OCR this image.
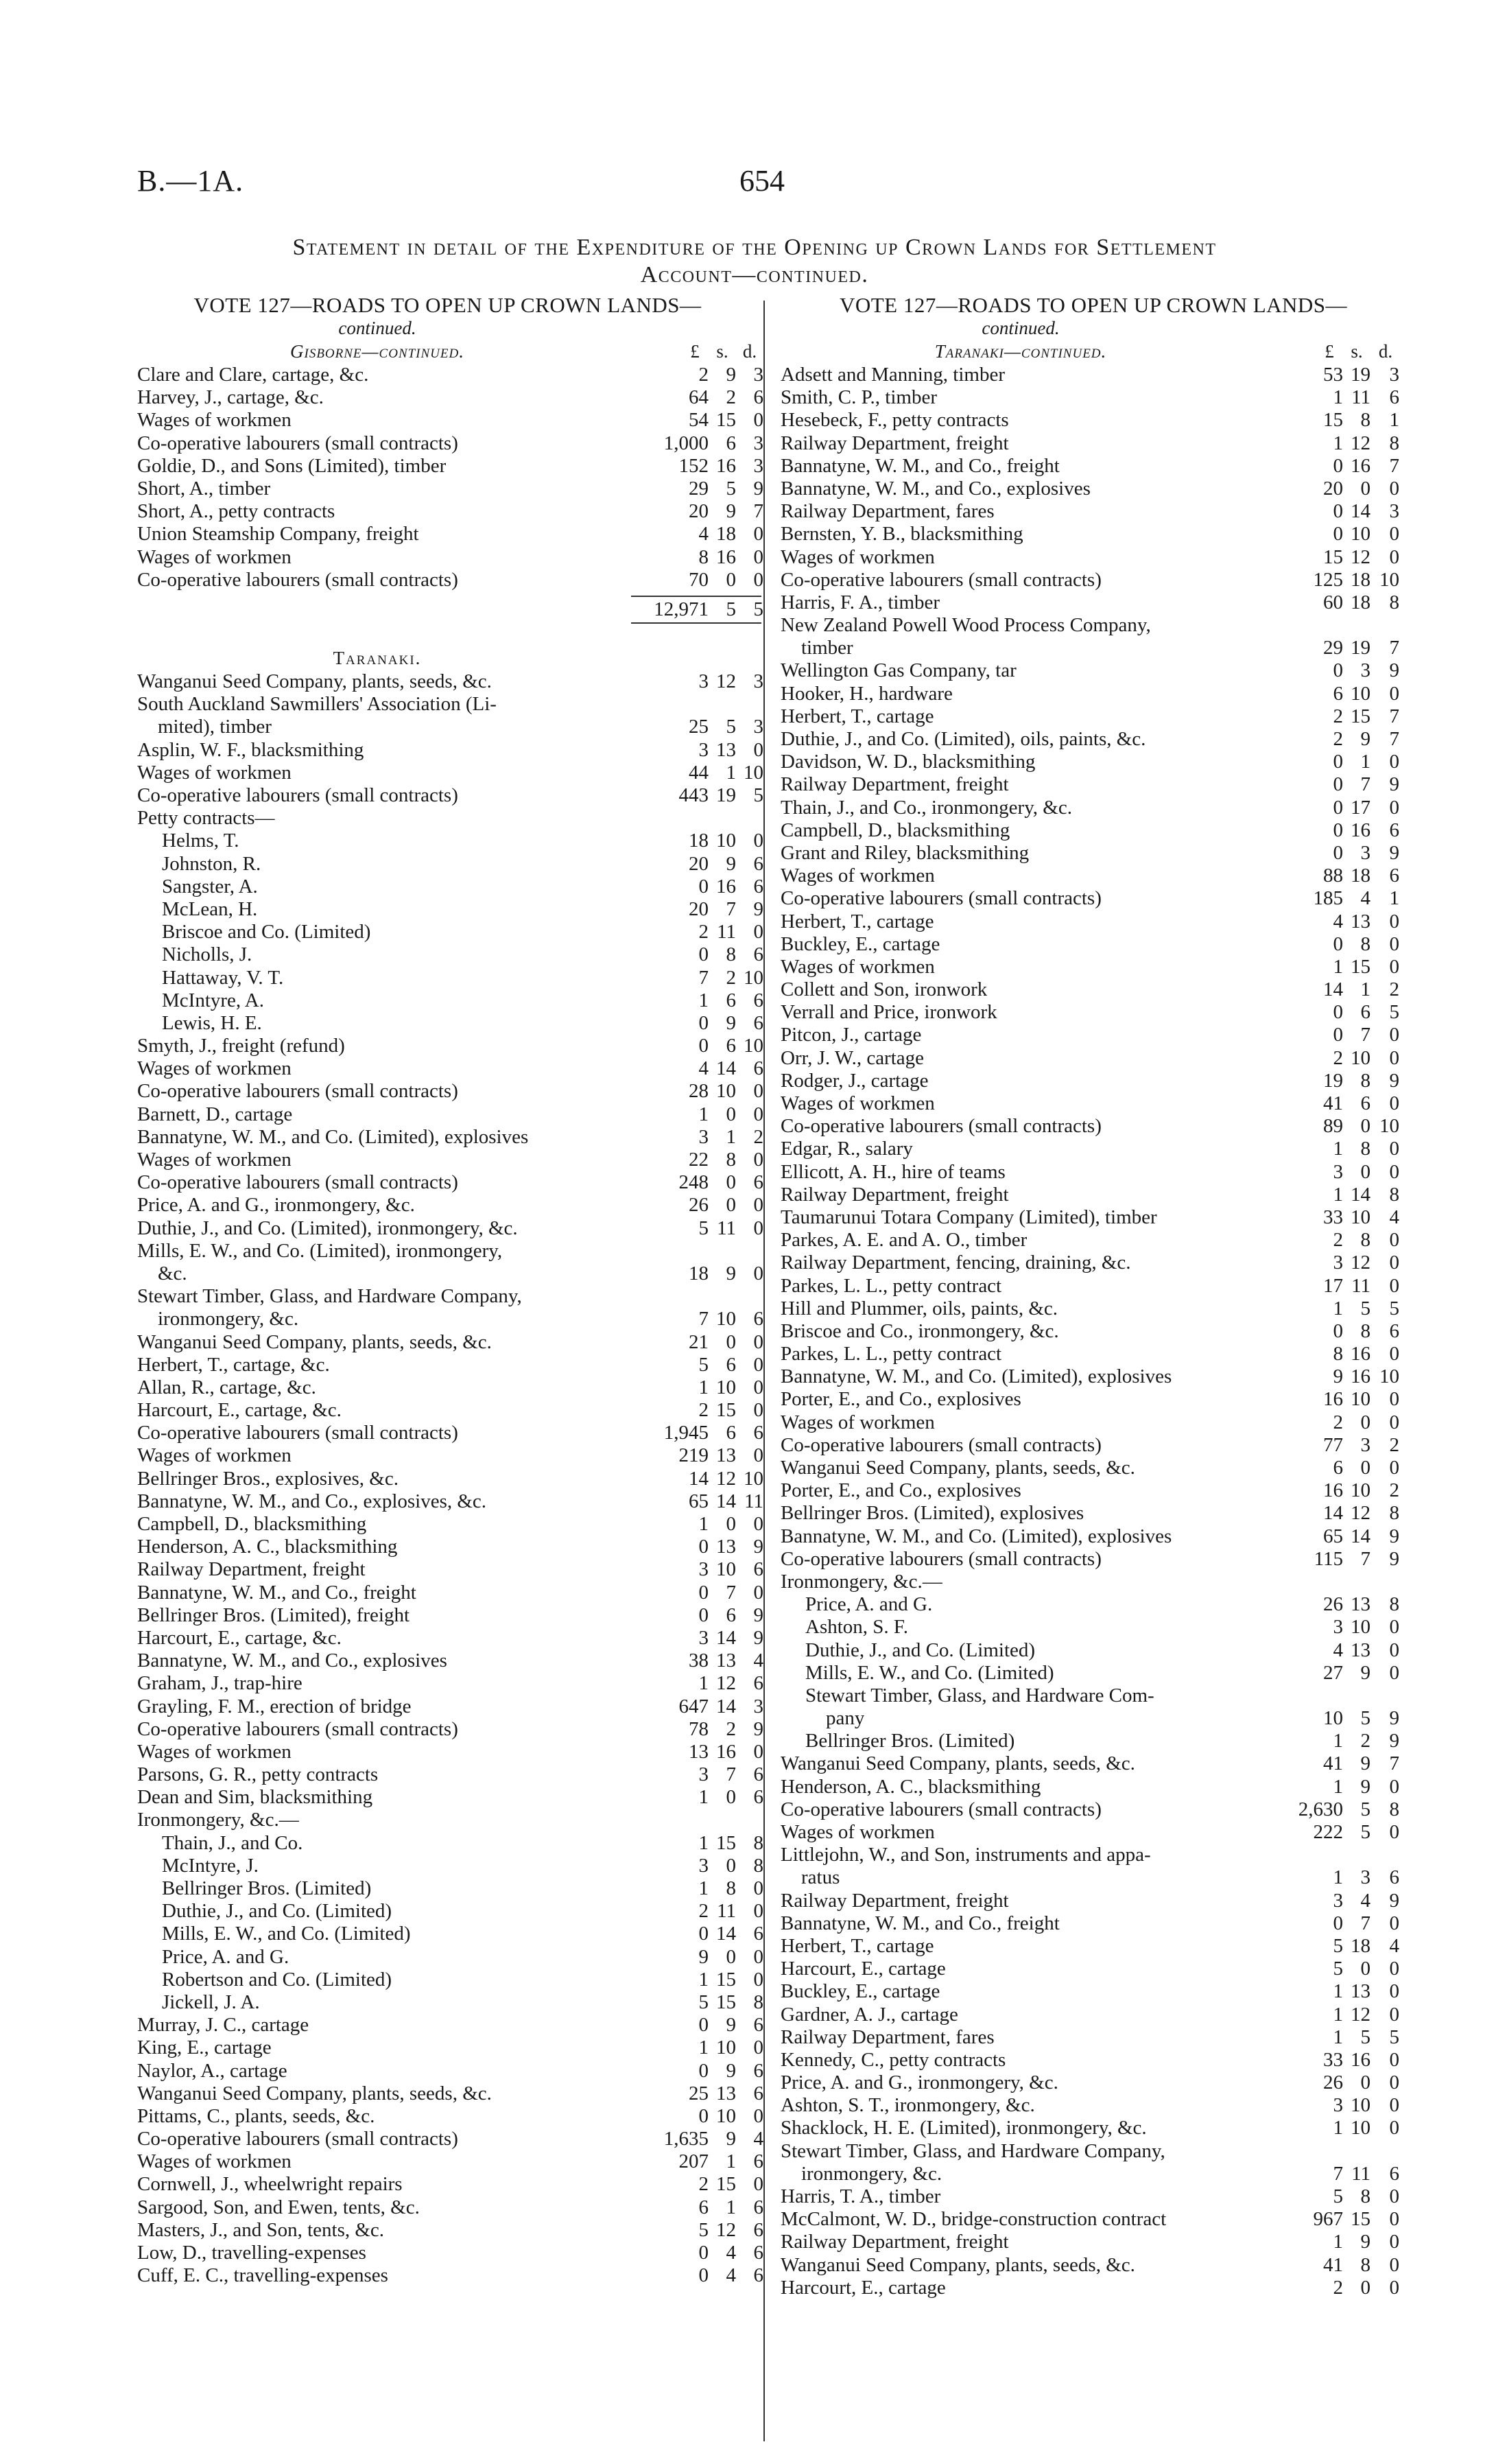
B.—1A.	654
Statement in detail of the Expenditure of the Opening up Crown Lands for Settlement
Account—continued.
VOTE 127—ROADS TO OPEN UP CROWN LANDS—
continued.
Gisborne—continued.	£ s. d.
Clare and Clare, cartage, &c.	2 9 3
Harvey, J., cartage, &c.	64 2 6
Wages of workmen	54 15 0
Co-operative labourers (small contracts)	1,000 6 3
Goldie, D., and Sons (Limited), timber	152 16 3
Short, A., timber	29 5 9
Short, A., petty contracts	20 9 7
Union Steamship Company, freight	4 18 0
Wages of workmen	8 16 0
Co-operative labourers (small contracts)	70 0 0
12,971 5 5
Taranaki.
Wanganui Seed Company, plants, seeds, &c.	3 12 3
South Auckland Sawmillers' Association (Li-
mited), timber	25 5 3
Asplin, W. F., blacksmithing	3 13 0
Wages of workmen	44 1 10
Co-operative labourers (small contracts)	443 19 5
Petty contracts—
Helms, T.	18 10 0
Johnston, R.	20 9 6
Sangster, A.	0 16 6
McLean, H.	20 7 9
Briscoe and Co. (Limited)	2 11 0
Nicholls, J.	0 8 6
Hattaway, V. T.	7 2 10
McIntyre, A.	1 6 6
Lewis, H. E.	0 9 6
Smyth, J., freight (refund)	0 6 10
Wages of workmen	4 14 6
Co-operative labourers (small contracts)	28 10 0
Barnett, D., cartage	1 0 0
Bannatyne, W. M., and Co. (Limited), explosives	3 1 2
Wages of workmen	22 8 0
Co-operative labourers (small contracts)	248 0 6
Price, A. and G., ironmongery, &c.	26 0 0
Duthie, J., and Co. (Limited), ironmongery, &c.	5 11 0
Mills, E. W., and Co. (Limited), ironmongery,
&c.	18 9 0
Stewart Timber, Glass, and Hardware Company,
ironmongery, &c.	7 10 6
Wanganui Seed Company, plants, seeds, &c.	21 0 0
Herbert, T., cartage, &c.	5 6 0
Allan, R., cartage, &c.	1 10 0
Harcourt, E., cartage, &c.	2 15 0
Co-operative labourers (small contracts)	1,945 6 6
Wages of workmen	219 13 0
Bellringer Bros., explosives, &c.	14 12 10
Bannatyne, W. M., and Co., explosives, &c.	65 14 11
Campbell, D., blacksmithing	1 0 0
Henderson, A. C., blacksmithing	0 13 9
Railway Department, freight	3 10 6
Bannatyne, W. M., and Co., freight	0 7 0
Bellringer Bros. (Limited), freight	0 6 9
Harcourt, E., cartage, &c.	3 14 9
Bannatyne, W. M., and Co., explosives	38 13 4
Graham, J., trap-hire	1 12 6
Grayling, F. M., erection of bridge	647 14 3
Co-operative labourers (small contracts)	78 2 9
Wages of workmen	13 16 0
Parsons, G. R., petty contracts	3 7 6
Dean and Sim, blacksmithing	1 0 6
Ironmongery, &c.—
Thain, J., and Co.	1 15 8
McIntyre, J.	3 0 8
Bellringer Bros. (Limited)	1 8 0
Duthie, J., and Co. (Limited)	2 11 0
Mills, E. W., and Co. (Limited)	0 14 6
Price, A. and G.	9 0 0
Robertson and Co. (Limited)	1 15 0
Jickell, J. A.	5 15 8
Murray, J. C., cartage	0 9 6
King, E., cartage	1 10 0
Naylor, A., cartage	0 9 6
Wanganui Seed Company, plants, seeds, &c.	25 13 6
Pittams, C., plants, seeds, &c.	0 10 0
Co-operative labourers (small contracts)	1,635 9 4
Wages of workmen	207 1 6
Cornwell, J., wheelwright repairs	2 15 0
Sargood, Son, and Ewen, tents, &c.	6 1 6
Masters, J., and Son, tents, &c.	5 12 6
Low, D., travelling-expenses	0 4 6
Cuff, E. C., travelling-expenses	0 4 6
VOTE 127—ROADS TO OPEN UP CROWN LANDS—
continued.
Taranaki—continued.	£ s. d.
Adsett and Manning, timber	53 19 3
Smith, C. P., timber	1 11 6
Hesebeck, F., petty contracts	15 8 1
Railway Department, freight	1 12 8
Bannatyne, W. M., and Co., freight	0 16 7
Bannatyne, W. M., and Co., explosives	20 0 0
Railway Department, fares	0 14 3
Bernsten, Y. B., blacksmithing	0 10 0
Wages of workmen	15 12 0
Co-operative labourers (small contracts)	125 18 10
Harris, F. A., timber	60 18 8
New Zealand Powell Wood Process Company,
timber	29 19 7
Wellington Gas Company, tar	0 3 9
Hooker, H., hardware	6 10 0
Herbert, T., cartage	2 15 7
Duthie, J., and Co. (Limited), oils, paints, &c.	2 9 7
Davidson, W. D., blacksmithing	0 1 0
Railway Department, freight	0 7 9
Thain, J., and Co., ironmongery, &c.	0 17 0
Campbell, D., blacksmithing	0 16 6
Grant and Riley, blacksmithing	0 3 9
Wages of workmen	88 18 6
Co-operative labourers (small contracts)	185 4 1
Herbert, T., cartage	4 13 0
Buckley, E., cartage	0 8 0
Wages of workmen	1 15 0
Collett and Son, ironwork	14 1 2
Verrall and Price, ironwork	0 6 5
Pitcon, J., cartage	0 7 0
Orr, J. W., cartage	2 10 0
Rodger, J., cartage	19 8 9
Wages of workmen	41 6 0
Co-operative labourers (small contracts)	89 0 10
Edgar, R., salary	1 8 0
Ellicott, A. H., hire of teams	3 0 0
Railway Department, freight	1 14 8
Taumarunui Totara Company (Limited), timber	33 10 4
Parkes, A. E. and A. O., timber	2 8 0
Railway Department, fencing, draining, &c.	3 12 0
Parkes, L. L., petty contract	17 11 0
Hill and Plummer, oils, paints, &c.	1 5 5
Briscoe and Co., ironmongery, &c.	0 8 6
Parkes, L. L., petty contract	8 16 0
Bannatyne, W. M., and Co. (Limited), explosives	9 16 10
Porter, E., and Co., explosives	16 10 0
Wages of workmen	2 0 0
Co-operative labourers (small contracts)	77 3 2
Wanganui Seed Company, plants, seeds, &c.	6 0 0
Porter, E., and Co., explosives	16 10 2
Bellringer Bros. (Limited), explosives	14 12 8
Bannatyne, W. M., and Co. (Limited), explosives	65 14 9
Co-operative labourers (small contracts)	115 7 9
Ironmongery, &c.—
Price, A. and G.	26 13 8
Ashton, S. F.	3 10 0
Duthie, J., and Co. (Limited)	4 13 0
Mills, E. W., and Co. (Limited)	27 9 0
Stewart Timber, Glass, and Hardware Com-
pany	10 5 9
Bellringer Bros. (Limited)	1 2 9
Wanganui Seed Company, plants, seeds, &c.	41 9 7
Henderson, A. C., blacksmithing	1 9 0
Co-operative labourers (small contracts)	2,630 5 8
Wages of workmen	222 5 0
Littlejohn, W., and Son, instruments and appa-
ratus	1 3 6
Railway Department, freight	3 4 9
Bannatyne, W. M., and Co., freight	0 7 0
Herbert, T., cartage	5 18 4
Harcourt, E., cartage	5 0 0
Buckley, E., cartage	1 13 0
Gardner, A. J., cartage	1 12 0
Railway Department, fares	1 5 5
Kennedy, C., petty contracts	33 16 0
Price, A. and G., ironmongery, &c.	26 0 0
Ashton, S. T., ironmongery, &c.	3 10 0
Shacklock, H. E. (Limited), ironmongery, &c.	1 10 0
Stewart Timber, Glass, and Hardware Company,
ironmongery, &c.	7 11 6
Harris, T. A., timber	5 8 0
McCalmont, W. D., bridge-construction contract	967 15 0
Railway Department, freight	1 9 0
Wanganui Seed Company, plants, seeds, &c.	41 8 0
Harcourt, E., cartage	2 0 0
